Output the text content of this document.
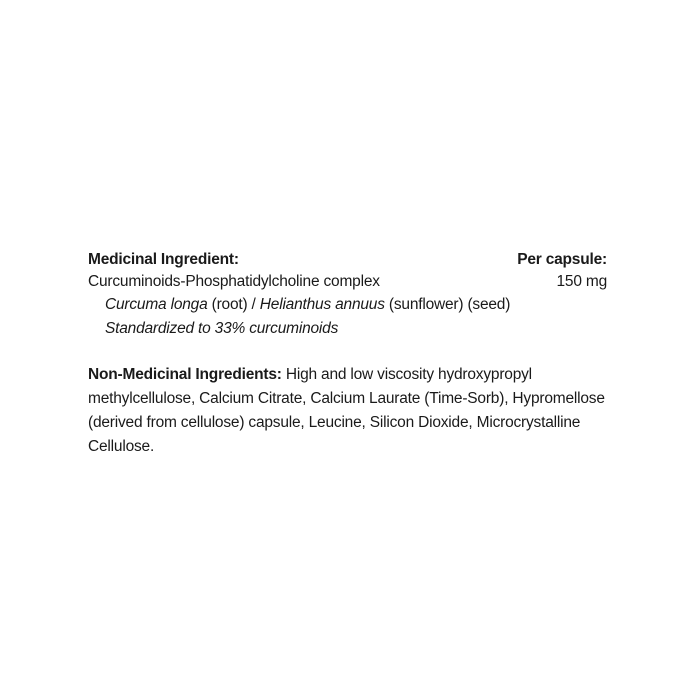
Medicinal Ingredient:	Per capsule:
Curcuminoids-Phosphatidylcholine complex	150 mg
Curcuma longa (root) / Helianthus annuus (sunflower) (seed)
Standardized to 33% curcuminoids
Non-Medicinal Ingredients: High and low viscosity hydroxypropyl methylcellulose, Calcium Citrate, Calcium Laurate (Time-Sorb), Hypromellose (derived from cellulose) capsule, Leucine, Silicon Dioxide, Microcrystalline Cellulose.
